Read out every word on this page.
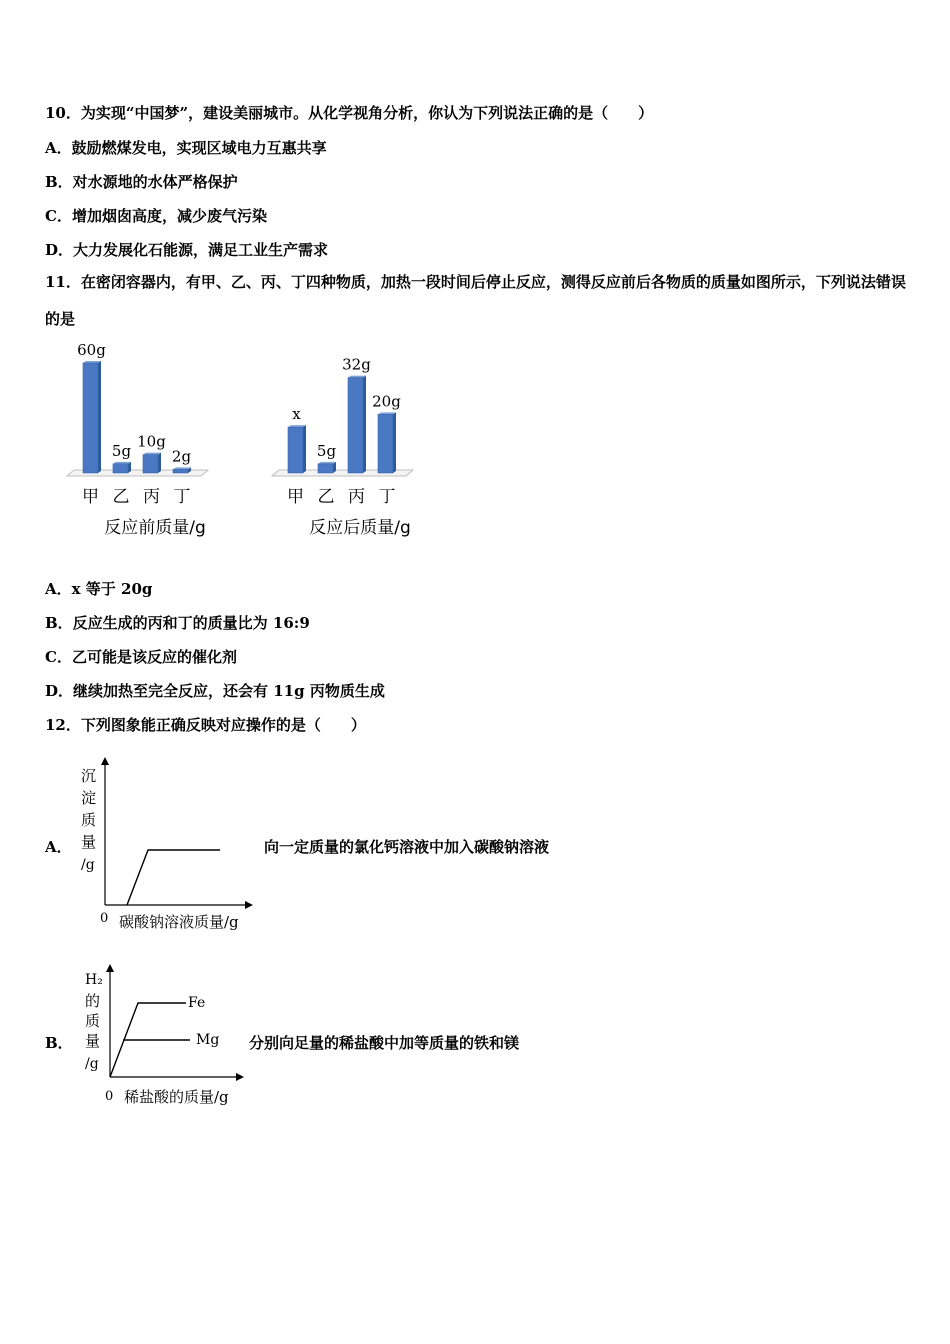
10．为实现“中国梦”，建设美丽城市。从化学视角分析，你认为下列说法正确的是（　　）
A．鼓励燃煤发电，实现区域电力互惠共享
B．对水源地的水体严格保护
C．增加烟囱高度，减少废气污染
D．大力发展化石能源，满足工业生产需求
11．在密闭容器内，有甲、乙、丙、丁四种物质，加热一段时间后停止反应，测得反应前后各物质的质量如图所示，下列说法错误的是
60g
甲
5g
乙
10g
丙
2g
丁
反应前质量/g
x
甲
5g
乙
32g
丙
20g
丁
反应后质量/g
A．x 等于 20g
B．反应生成的丙和丁的质量比为 16:9
C．乙可能是该反应的催化剂
D．继续加热至完全反应，还会有 11g 丙物质生成
12．下列图象能正确反映对应操作的是（　　）
A．
沉
淀
质
量
/g
0 碳酸钠溶液质量/g
向一定质量的氯化钙溶液中加入碳酸钠溶液
B．
Fe
Mg
H₂
的
质
量
/g
0 稀盐酸的质量/g
分别向足量的稀盐酸中加等质量的铁和镁
